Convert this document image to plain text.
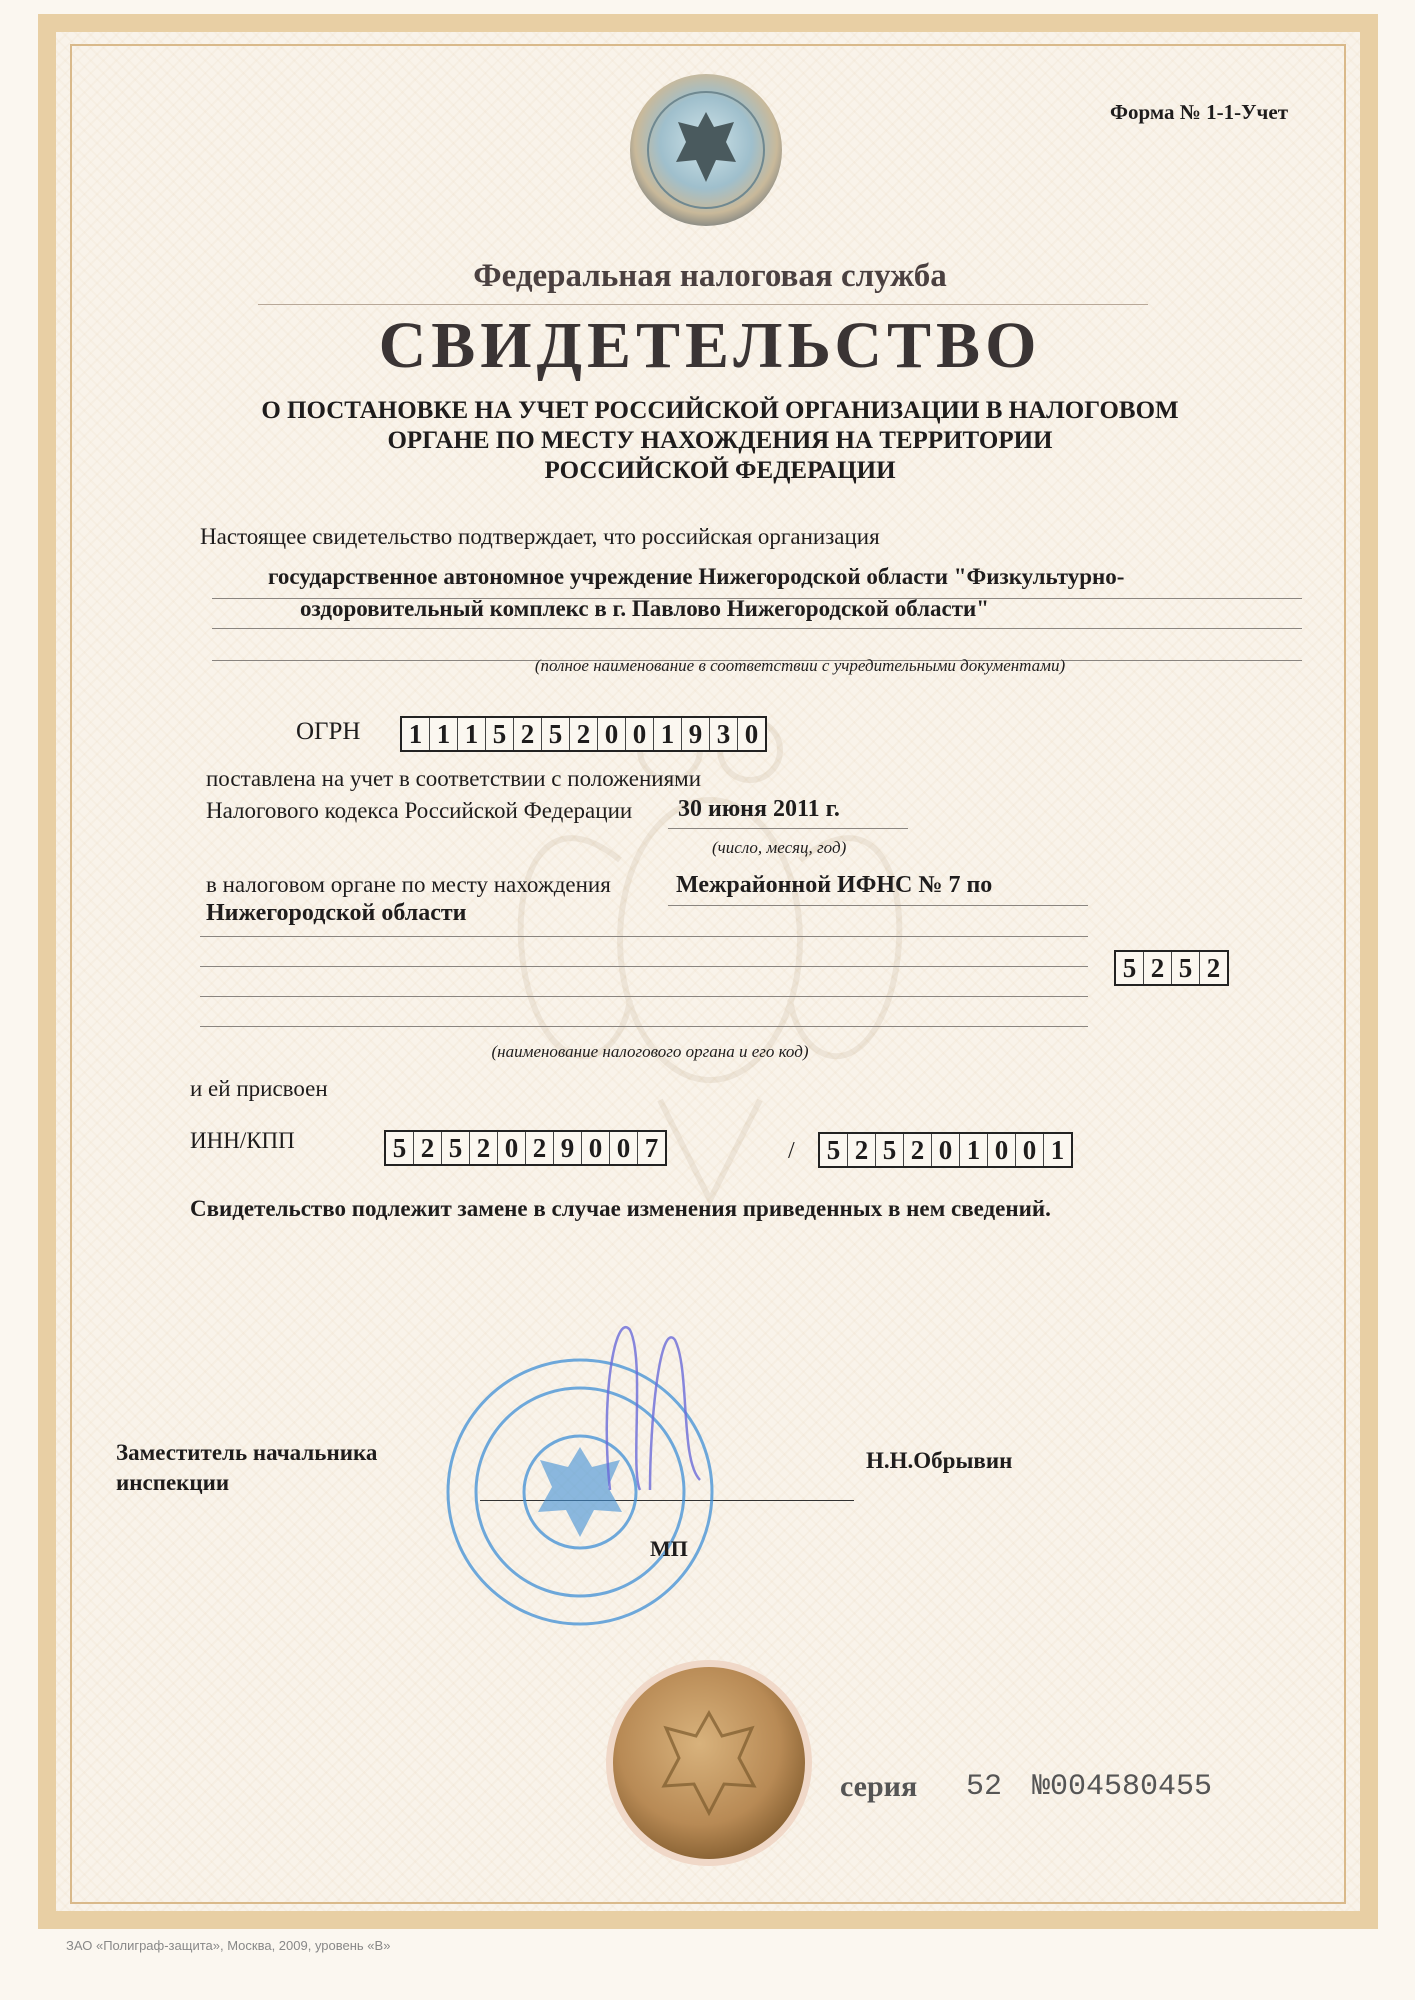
Форма № 1-1-Учет
Федеральная налоговая служба
СВИДЕТЕЛЬСТВО
О ПОСТАНОВКЕ НА УЧЕТ РОССИЙСКОЙ ОРГАНИЗАЦИИ В НАЛОГОВОМ
ОРГАНЕ ПО МЕСТУ НАХОЖДЕНИЯ НА ТЕРРИТОРИИ
РОССИЙСКОЙ ФЕДЕРАЦИИ
Настоящее свидетельство подтверждает, что российская организация
государственное автономное учреждение Нижегородской области "Физкультурно-
оздоровительный комплекс в г. Павлово Нижегородской области"
(полное наименование в соответствии с учредительными документами)
ОГРН 1 1 1 5 2 5 2 0 0 1 9 3 0
поставлена на учет в соответствии с положениями
Налогового кодекса Российской Федерации 30 июня 2011 г.
(число, месяц, год)
в налоговом органе по месту нахождения	Межрайонной ИФНС № 7 по
Нижегородской области
5 2 5 2
(наименование налогового органа и его код)
и ей присвоен
ИНН/КПП	5 2 5 2 0 2 9 0 0 7	/ 5 2 5 2 0 1 0 0 1
Свидетельство подлежит замене в случае изменения приведенных в нем сведений.
Заместитель начальника
инспекции
Н.Н.Обрывин
МП
серия 52 №004580455
ЗАО «Полиграф-защита», Москва, 2009, уровень «В»
